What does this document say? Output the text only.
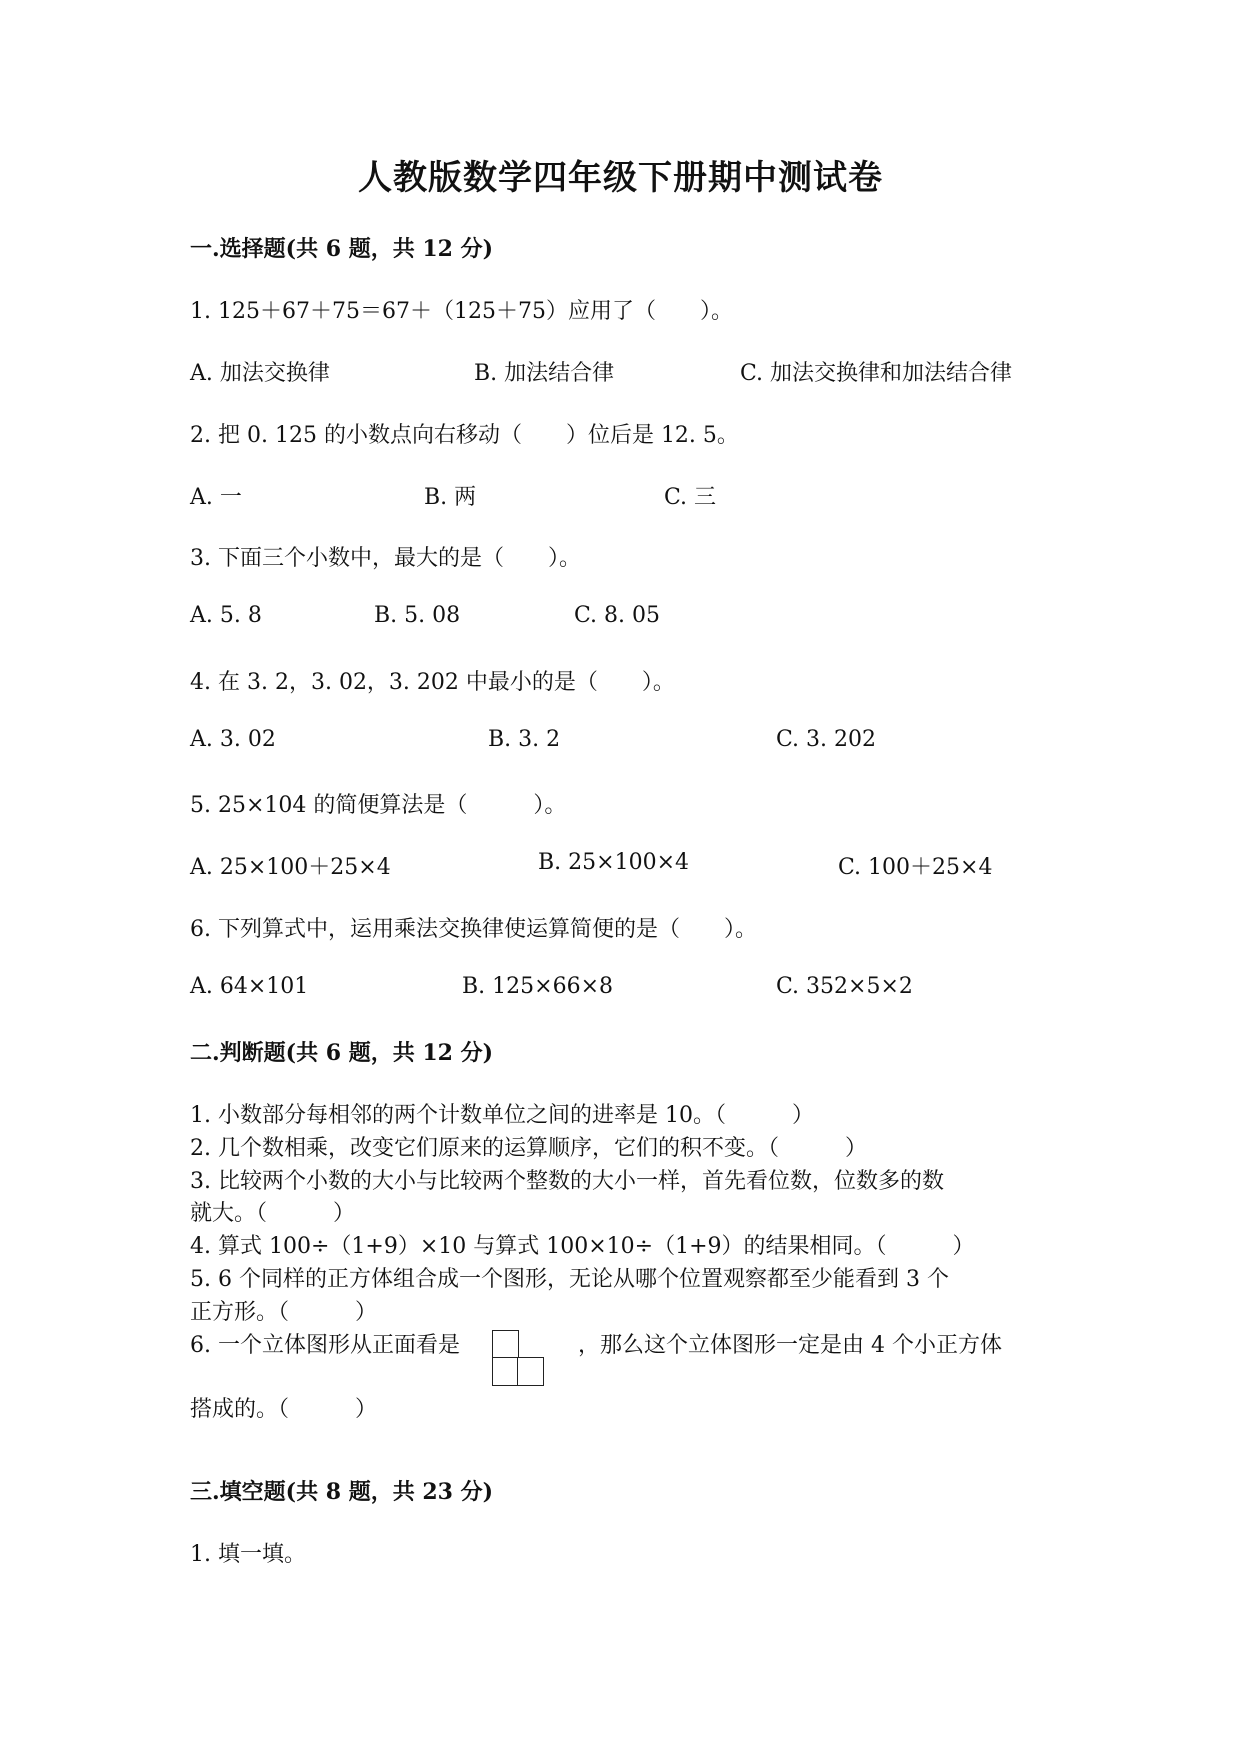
人教版数学四年级下册期中测试卷
一.选择题(共 6 题，共 12 分)
1. 125＋67＋75＝67＋（125＋75）应用了（　　）。
A. 加法交换律	B. 加法结合律	C. 加法交换律和加法结合律
2. 把 0. 125 的小数点向右移动（　　）位后是 12. 5。
A. 一	B. 两	C. 三
3. 下面三个小数中，最大的是（　　）。
A. 5. 8	B. 5. 08	C. 8. 05
4. 在 3. 2，3. 02，3. 202 中最小的是（　　）。
A. 3. 02	B. 3. 2	C. 3. 202
5. 25×104 的简便算法是（　　　）。
A. 25×100＋25×4	B. 25×100×4	C. 100＋25×4
6. 下列算式中，运用乘法交换律使运算简便的是（　　）。
A. 64×101	B. 125×66×8	C. 352×5×2
二.判断题(共 6 题，共 12 分)
1. 小数部分每相邻的两个计数单位之间的进率是 10。（　　　）
2. 几个数相乘，改变它们原来的运算顺序，它们的积不变。（　　　）
3. 比较两个小数的大小与比较两个整数的大小一样，首先看位数，位数多的数
就大。（　　　）
4. 算式 100÷（1+9）×10 与算式 100×10÷（1+9）的结果相同。（　　　）
5. 6 个同样的正方体组合成一个图形，无论从哪个位置观察都至少能看到 3 个
正方形。（　　　）
6. 一个立体图形从正面看是	，那么这个立体图形一定是由 4 个小正方体
搭成的。（　　　）
三.填空题(共 8 题，共 23 分)
1. 填一填。
